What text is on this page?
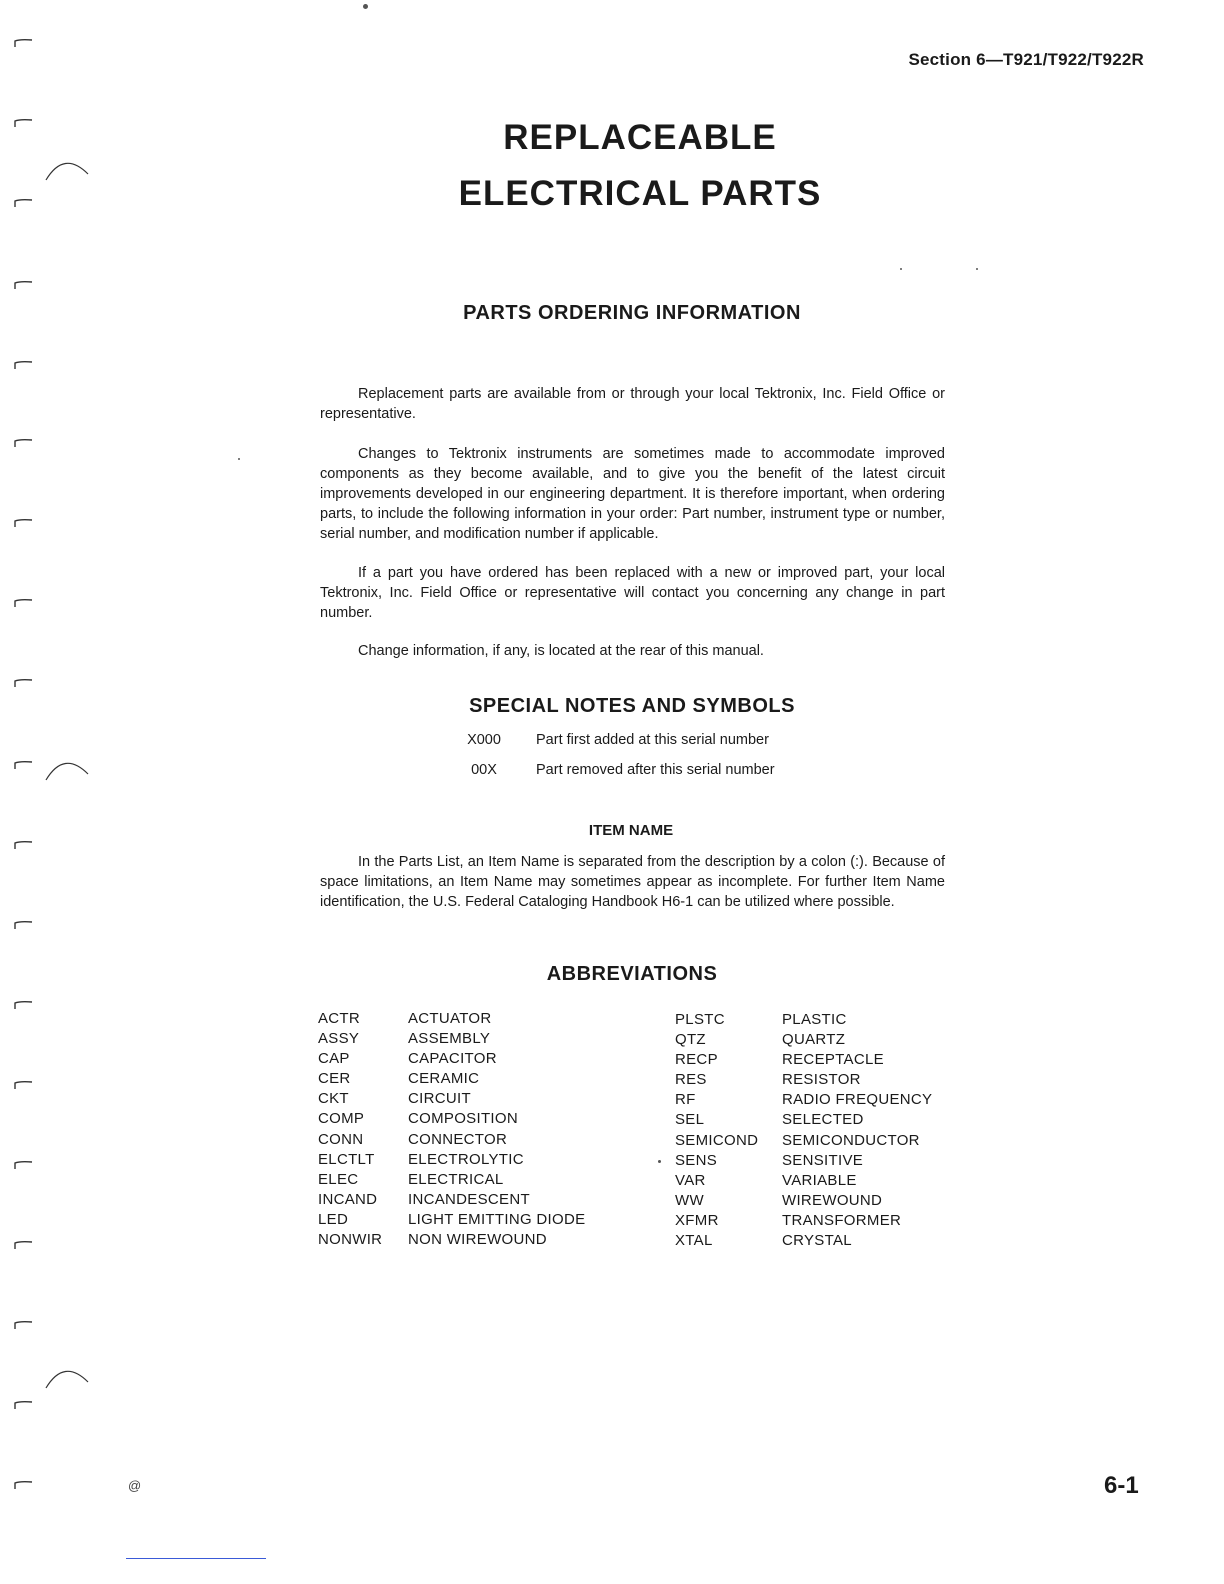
Section 6—T921/T922/T922R
REPLACEABLE
ELECTRICAL PARTS
PARTS ORDERING INFORMATION

Replacement parts are available from or through your local Tektronix, Inc. Field Office or representative.

Changes to Tektronix instruments are sometimes made to accommodate improved components as they become available, and to give you the benefit of the latest circuit improvements developed in our engineering department. It is therefore important, when ordering parts, to include the following information in your order: Part number, instrument type or number, serial number, and modification number if applicable.

If a part you have ordered has been replaced with a new or improved part, your local Tektronix, Inc. Field Office or representative will contact you concerning any change in part number.

Change information, if any, is located at the rear of this manual.

SPECIAL NOTES AND SYMBOLS
X000 Part first added at this serial number
00X	Part removed after this serial number
ITEM NAME

In the Parts List, an Item Name is separated from the description by a colon (:). Because of space limitations, an Item Name may sometimes appear as incomplete. For further Item Name identification, the U.S. Federal Cataloging Handbook H6-1 can be utilized where possible.

ABBREVIATIONS
ACTR	ACTUATOR
ASSY	ASSEMBLY
CAP	CAPACITOR
CER	CERAMIC
CKT	CIRCUIT
COMP	COMPOSITION
CONN	CONNECTOR
ELCTLT ELECTROLYTIC
ELEC	ELECTRICAL
INCAND INCANDESCENT
LED	LIGHT EMITTING DIODE
NONWIR NON WIREWOUND
PLSTC	PLASTIC
QTZ	QUARTZ
RECP	RECEPTACLE
RES	RESISTOR
RF	RADIO FREQUENCY
SEL	SELECTED
SEMICOND SEMICONDUCTOR
SENS	SENSITIVE
VAR	VARIABLE
WW	WIREWOUND
XFMR	TRANSFORMER
XTAL	CRYSTAL
6-1
@
